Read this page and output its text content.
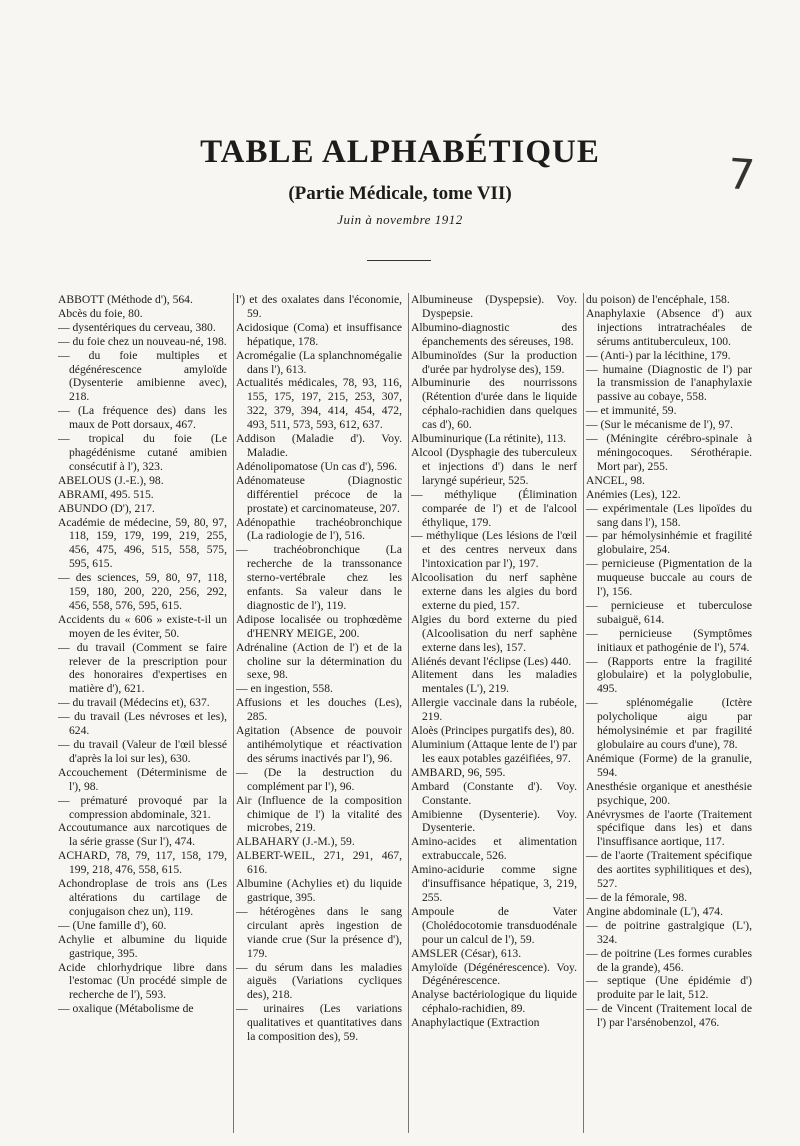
TABLE ALPHABÉTIQUE
(Partie Médicale, tome VII)
Juin à novembre 1912
7

ABBOTT (Méthode d'), 564.

Abcès du foie, 80.

— dysentériques du cerveau, 380.

— du foie chez un nouveau-né, 198.

— du foie multiples et dégénérescence amyloïde (Dysenterie amibienne avec), 218.

— (La fréquence des) dans les maux de Pott dorsaux, 467.

— tropical du foie (Le phagédénisme cutané amibien consécutif à l'), 323.

ABELOUS (J.-E.), 98.

ABRAMI, 495. 515.

ABUNDO (D'), 217.

Académie de médecine, 59, 80, 97, 118, 159, 179, 199, 219, 255, 456, 475, 496, 515, 558, 575, 595, 615.

— des sciences, 59, 80, 97, 118, 159, 180, 200, 220, 256, 292, 456, 558, 576, 595, 615.

Accidents du « 606 » existe-t-il un moyen de les éviter, 50.

— du travail (Comment se faire relever de la prescription pour des honoraires d'expertises en matière d'), 621.

— du travail (Médecins et), 637.

— du travail (Les névroses et les), 624.

— du travail (Valeur de l'œil blessé d'après la loi sur les), 630.

Accouchement (Déterminisme de l'), 98.

— prématuré provoqué par la compression abdominale, 321.

Accoutumance aux narcotiques de la série grasse (Sur l'), 474.

ACHARD, 78, 79, 117, 158, 179, 199, 218, 476, 558, 615.

Achondroplase de trois ans (Les altérations du cartilage de conjugaison chez un), 119.

— (Une famille d'), 60.

Achylie et albumine du liquide gastrique, 395.

Acide chlorhydrique libre dans l'estomac (Un procédé simple de recherche de l'), 593.

— oxalique (Métabolisme de

l') et des oxalates dans l'économie, 59.

Acidosique (Coma) et insuffisance hépatique, 178.

Acromégalie (La splanchnomégalie dans l'), 613.

Actualités médicales, 78, 93, 116, 155, 175, 197, 215, 253, 307, 322, 379, 394, 414, 454, 472, 493, 511, 573, 593, 612, 637.

Addison (Maladie d'). Voy. Maladie.

Adénolipomatose (Un cas d'), 596.

Adénomateuse (Diagnostic différentiel précoce de la prostate) et carcinomateuse, 207.

Adénopathie trachéobronchique (La radiologie de l'), 516.

— trachéobronchique (La recherche de la transsonance sterno-vertébrale chez les enfants. Sa valeur dans le diagnostic de l'), 119.

Adipose localisée ou trophœdème d'HENRY MEIGE, 200.

Adrénaline (Action de l') et de la choline sur la détermination du sexe, 98.

— en ingestion, 558.

Affusions et les douches (Les), 285.

Agitation (Absence de pouvoir antihémolytique et réactivation des sérums inactivés par l'), 96.

— (De la destruction du complément par l'), 96.

Air (Influence de la composition chimique de l') la vitalité des microbes, 219.

ALBAHARY (J.-M.), 59.

ALBERT-WEIL, 271, 291, 467, 616.

Albumine (Achylies et) du liquide gastrique, 395.

— hétérogènes dans le sang circulant après ingestion de viande crue (Sur la présence d'), 179.

— du sérum dans les maladies aiguës (Variations cycliques des), 218.

— urinaires (Les variations qualitatives et quantitatives dans la composition des), 59.

Albumineuse (Dyspepsie). Voy. Dyspepsie.

Albumino-diagnostic des épanchements des séreuses, 198.

Albuminoïdes (Sur la production d'urée par hydrolyse des), 159.

Albuminurie des nourrissons (Rétention d'urée dans le liquide céphalo-rachidien dans quelques cas d'), 60.

Albuminurique (La rétinite), 113.

Alcool (Dysphagie des tuberculeux et injections d') dans le nerf laryngé supérieur, 525.

— méthylique (Élimination comparée de l') et de l'alcool éthylique, 179.

— méthylique (Les lésions de l'œil et des centres nerveux dans l'intoxication par l'), 197.

Alcoolisation du nerf saphène externe dans les algies du bord externe du pied, 157.

Algies du bord externe du pied (Alcoolisation du nerf saphène externe dans les), 157.

Aliénés devant l'éclipse (Les) 440.

Alitement dans les maladies mentales (L'), 219.

Allergie vaccinale dans la rubéole, 219.

Aloès (Principes purgatifs des), 80.

Aluminium (Attaque lente de l') par les eaux potables gazéifiées, 97.

AMBARD, 96, 595.

Ambard (Constante d'). Voy. Constante.

Amibienne (Dysenterie). Voy. Dysenterie.

Amino-acides et alimentation extrabuccale, 526.

Amino-acidurie comme signe d'insuffisance hépatique, 3, 219, 255.

Ampoule de Vater (Cholédocotomie transduodénale pour un calcul de l'), 59.

AMSLER (César), 613.

Amyloïde (Dégénérescence). Voy. Dégénérescence.

Analyse bactériologique du liquide céphalo-rachidien, 89.

Anaphylactique (Extraction

du poison) de l'encéphale, 158.

Anaphylaxie (Absence d') aux injections intratrachéales de sérums antituberculeux, 100.

— (Anti-) par la lécithine, 179.

— humaine (Diagnostic de l') par la transmission de l'anaphylaxie passive au cobaye, 558.

— et immunité, 59.

— (Sur le mécanisme de l'), 97.

— (Méningite cérébro-spinale à méningocoques. Sérothérapie. Mort par), 255.

ANCEL, 98.

Anémies (Les), 122.

— expérimentale (Les lipoïdes du sang dans l'), 158.

— par hémolysinhémie et fragilité globulaire, 254.

— pernicieuse (Pigmentation de la muqueuse buccale au cours de l'), 156.

— pernicieuse et tuberculose subaiguë, 614.

— pernicieuse (Symptômes initiaux et pathogénie de l'), 574.

— (Rapports entre la fragilité globulaire) et la polyglobulie, 495.

— splénomégalie (Ictère polycholique aigu par hémolysinémie et par fragilité globulaire au cours d'une), 78.

Anémique (Forme) de la granulie, 594.

Anesthésie organique et anesthésie psychique, 200.

Anévrysmes de l'aorte (Traitement spécifique dans les) et dans l'insuffisance aortique, 117.

— de l'aorte (Traitement spécifique des aortites syphilitiques et des), 527.

— de la fémorale, 98.

Angine abdominale (L'), 474.

— de poitrine gastralgique (L'), 324.

— de poitrine (Les formes curables de la grande), 456.

— septique (Une épidémie d') produite par le lait, 512.

— de Vincent (Traitement local de l') par l'arsénobenzol, 476.
